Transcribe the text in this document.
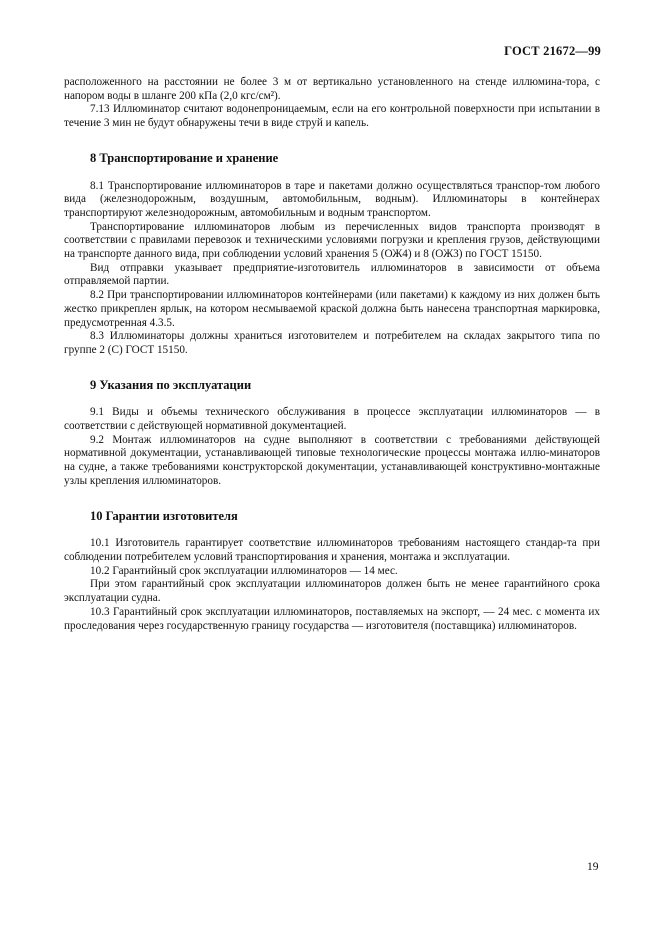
ГОСТ 21672—99

расположенного на расстоянии не более 3 м от вертикально установленного на стенде иллюмина-тора, с напором воды в шланге 200 кПа (2,0 кгс/см²).

7.13 Иллюминатор считают водонепроницаемым, если на его контрольной поверхности при испытании в течение 3 мин не будут обнаружены течи в виде струй и капель.

8 Транспортирование и хранение

8.1 Транспортирование иллюминаторов в таре и пакетами должно осуществляться транспор-том любого вида (железнодорожным, воздушным, автомобильным, водным). Иллюминаторы в контейнерах транспортируют железнодорожным, автомобильным и водным транспортом.

Транспортирование иллюминаторов любым из перечисленных видов транспорта производят в соответствии с правилами перевозок и техническими условиями погрузки и крепления грузов, действующими на транспорте данного вида, при соблюдении условий хранения 5 (ОЖ4) и 8 (ОЖ3) по ГОСТ 15150.

Вид отправки указывает предприятие-изготовитель иллюминаторов в зависимости от объема отправляемой партии.

8.2 При транспортировании иллюминаторов контейнерами (или пакетами) к каждому из них должен быть жестко прикреплен ярлык, на котором несмываемой краской должна быть нанесена транспортная маркировка, предусмотренная 4.3.5.

8.3 Иллюминаторы должны храниться изготовителем и потребителем на складах закрытого типа по группе 2 (С) ГОСТ 15150.

9 Указания по эксплуатации

9.1 Виды и объемы технического обслуживания в процессе эксплуатации иллюминаторов — в соответствии с действующей нормативной документацией.

9.2 Монтаж иллюминаторов на судне выполняют в соответствии с требованиями действующей нормативной документации, устанавливающей типовые технологические процессы монтажа иллю-минаторов на судне, а также требованиями конструкторской документации, устанавливающей конструктивно-монтажные узлы крепления иллюминаторов.

10 Гарантии изготовителя

10.1 Изготовитель гарантирует соответствие иллюминаторов требованиям настоящего стандар-та при соблюдении потребителем условий транспортирования и хранения, монтажа и эксплуатации.

10.2 Гарантийный срок эксплуатации иллюминаторов — 14 мес.

При этом гарантийный срок эксплуатации иллюминаторов должен быть не менее гарантийного срока эксплуатации судна.

10.3 Гарантийный срок эксплуатации иллюминаторов, поставляемых на экспорт, — 24 мес. с момента их проследования через государственную границу государства — изготовителя (поставщика) иллюминаторов.

19
